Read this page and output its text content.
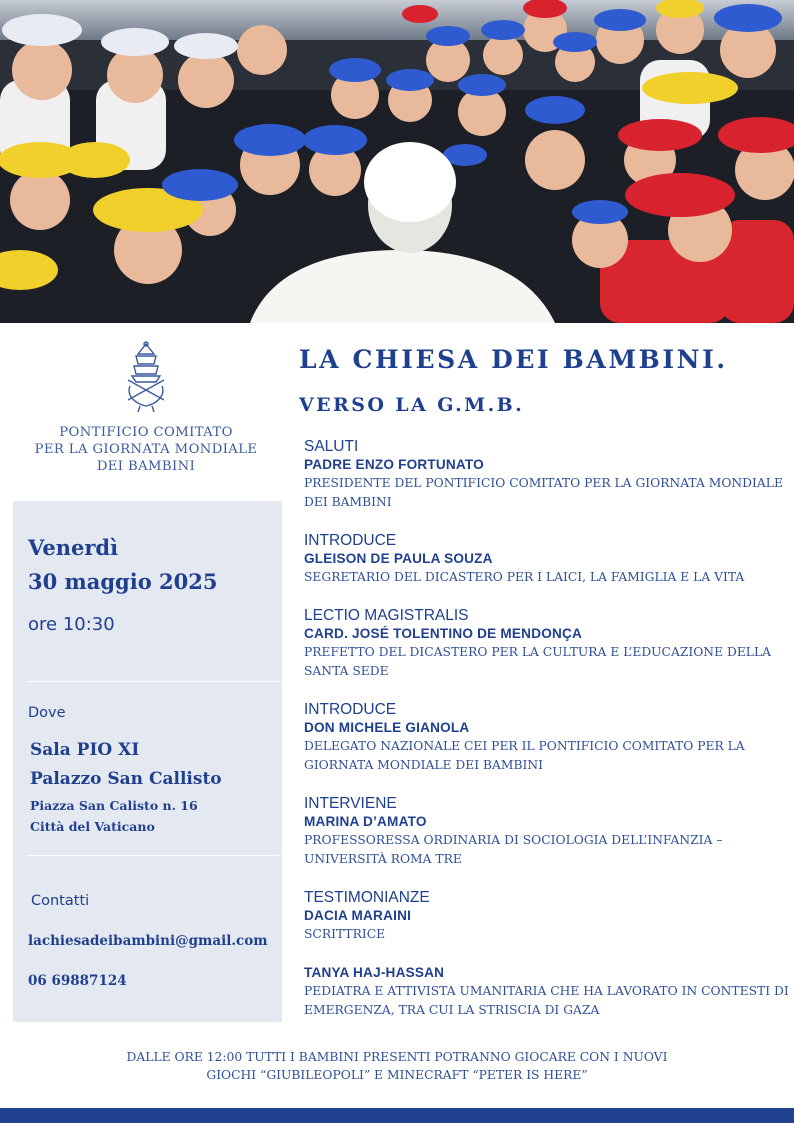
PONTIFICIO COMITATO
PER LA GIORNATA MONDIALE
DEI BAMBINI
LA CHIESA DEI BAMBINI.
VERSO LA G.M.B.
Venerdì
30 maggio 2025
ore 10:30
Dove
Sala PIO XI
Palazzo San Callisto
Piazza San Calisto n. 16
Città del Vaticano
Contatti
lachiesadeibambini@gmail.com
06 69887124
SALUTI
PADRE ENZO FORTUNATO
PRESIDENTE DEL PONTIFICIO COMITATO PER LA GIORNATA MONDIALE DEI BAMBINI
INTRODUCE
GLEISON DE PAULA SOUZA
SEGRETARIO DEL DICASTERO PER I LAICI, LA FAMIGLIA E LA VITA
LECTIO MAGISTRALIS
CARD. JOSÉ TOLENTINO DE MENDONÇA
PREFETTO DEL DICASTERO PER LA CULTURA E L’EDUCAZIONE DELLA SANTA SEDE
INTRODUCE
DON MICHELE GIANOLA
DELEGATO NAZIONALE CEI PER IL PONTIFICIO COMITATO PER LA GIORNATA MONDIALE DEI BAMBINI
INTERVIENE
MARINA D’AMATO
PROFESSORESSA ORDINARIA DI SOCIOLOGIA DELL’INFANZIA – UNIVERSITÀ ROMA TRE
TESTIMONIANZE
DACIA MARAINI
SCRITTRICE
TANYA HAJ-HASSAN
PEDIATRA E ATTIVISTA UMANITARIA CHE HA LAVORATO IN CONTESTI DI EMERGENZA, TRA CUI LA STRISCIA DI GAZA
DALLE ORE 12:00 TUTTI I BAMBINI PRESENTI POTRANNO GIOCARE CON I NUOVI
GIOCHI “GIUBILEOPOLI” E MINECRAFT “PETER IS HERE”
